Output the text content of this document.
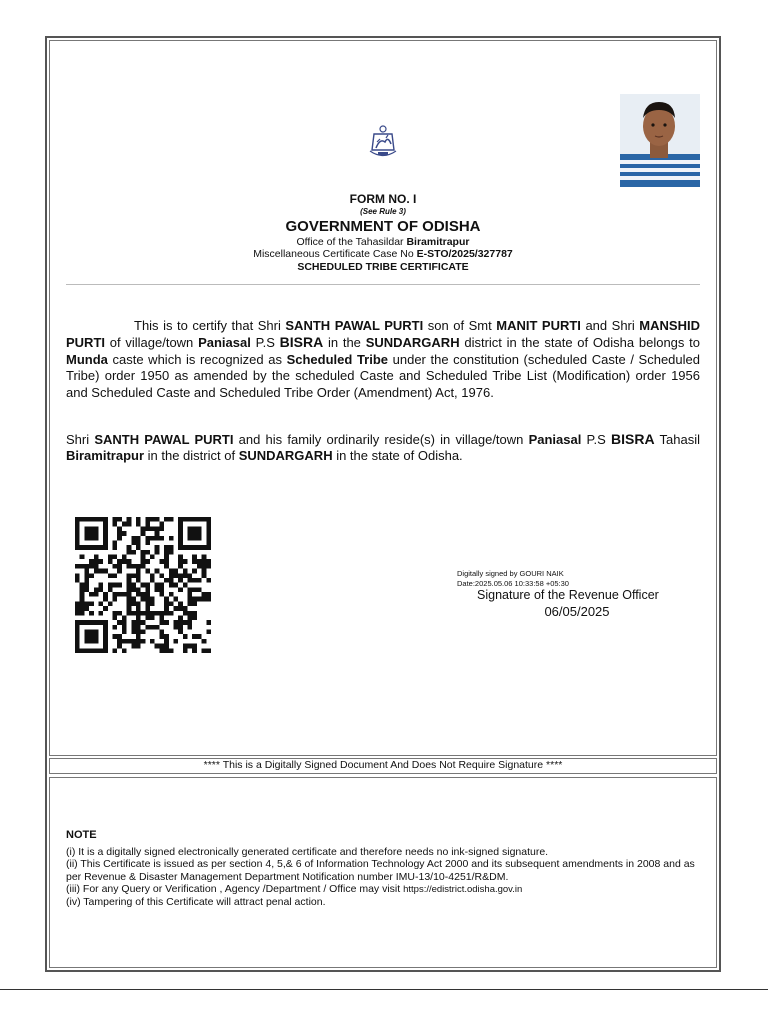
FORM NO. I
(See Rule 3)
GOVERNMENT OF ODISHA
Office of the Tahasildar Biramitrapur
Miscellaneous Certificate Case No E-STO/2025/327787
SCHEDULED TRIBE CERTIFICATE
This is to certify that Shri SANTH PAWAL PURTI son of Smt MANIT PURTI and Shri MANSHID PURTI of village/town Paniasal P.S BISRA in the SUNDARGARH district in the state of Odisha belongs to Munda caste which is recognized as Scheduled Tribe under the constitution (scheduled Caste / Scheduled Tribe) order 1950 as amended by the scheduled Caste and Scheduled Tribe List (Modification) order 1956 and Scheduled Caste and Scheduled Tribe Order (Amendment) Act, 1976.
Shri SANTH PAWAL PURTI and his family ordinarily reside(s) in village/town Paniasal P.S BISRA Tahasil Biramitrapur in the district of SUNDARGARH in the state of Odisha.
Digitally signed by GOURI NAIK
Date:2025.05.06 10:33:58 +05:30
Signature of the Revenue Officer
06/05/2025
**** This is a Digitally Signed Document And Does Not Require Signature ****
NOTE
(i) It is a digitally signed electronically generated certificate and therefore needs no ink-signed signature.
(ii) This Certificate is issued as per section 4, 5,& 6 of Information Technology Act 2000 and its subsequent amendments in 2008 and as per Revenue & Disaster Management Department Notification number IMU-13/10-4251/R&DM.
(iii) For any Query or Verification , Agency /Department / Office may visit https://edistrict.odisha.gov.in
(iv) Tampering of this Certificate will attract penal action.
